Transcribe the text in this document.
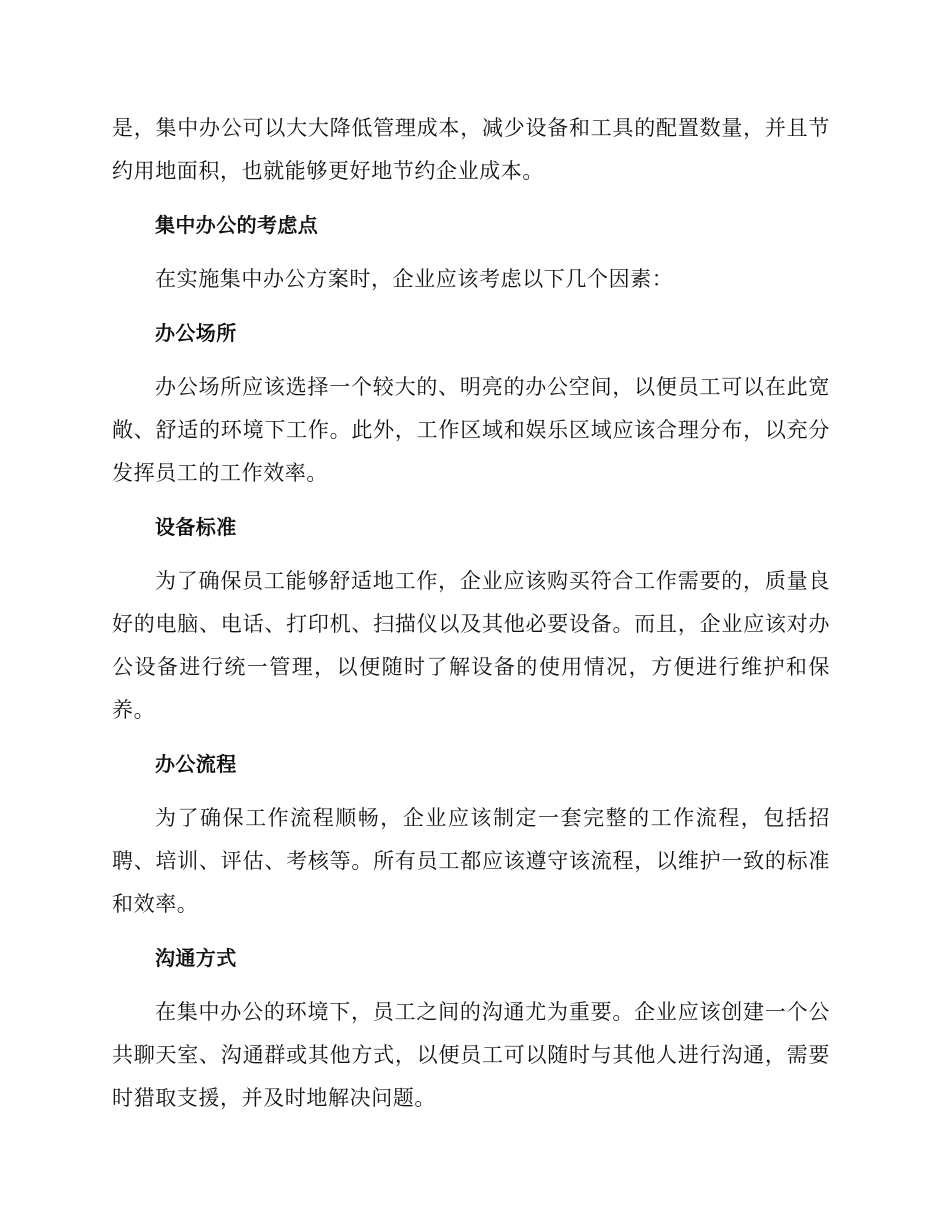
是，集中办公可以大大降低管理成本，减少设备和工具的配置数量，并且节约用地面积，也就能够更好地节约企业成本。

集中办公的考虑点

在实施集中办公方案时，企业应该考虑以下几个因素：

办公场所

办公场所应该选择一个较大的、明亮的办公空间，以便员工可以在此宽敞、舒适的环境下工作。此外，工作区域和娱乐区域应该合理分布，以充分发挥员工的工作效率。

设备标准

为了确保员工能够舒适地工作，企业应该购买符合工作需要的，质量良好的电脑、电话、打印机、扫描仪以及其他必要设备。而且，企业应该对办公设备进行统一管理，以便随时了解设备的使用情况，方便进行维护和保养。

办公流程

为了确保工作流程顺畅，企业应该制定一套完整的工作流程，包括招聘、培训、评估、考核等。所有员工都应该遵守该流程，以维护一致的标准和效率。

沟通方式

在集中办公的环境下，员工之间的沟通尤为重要。企业应该创建一个公共聊天室、沟通群或其他方式，以便员工可以随时与其他人进行沟通，需要时猎取支援，并及时地解决问题。
